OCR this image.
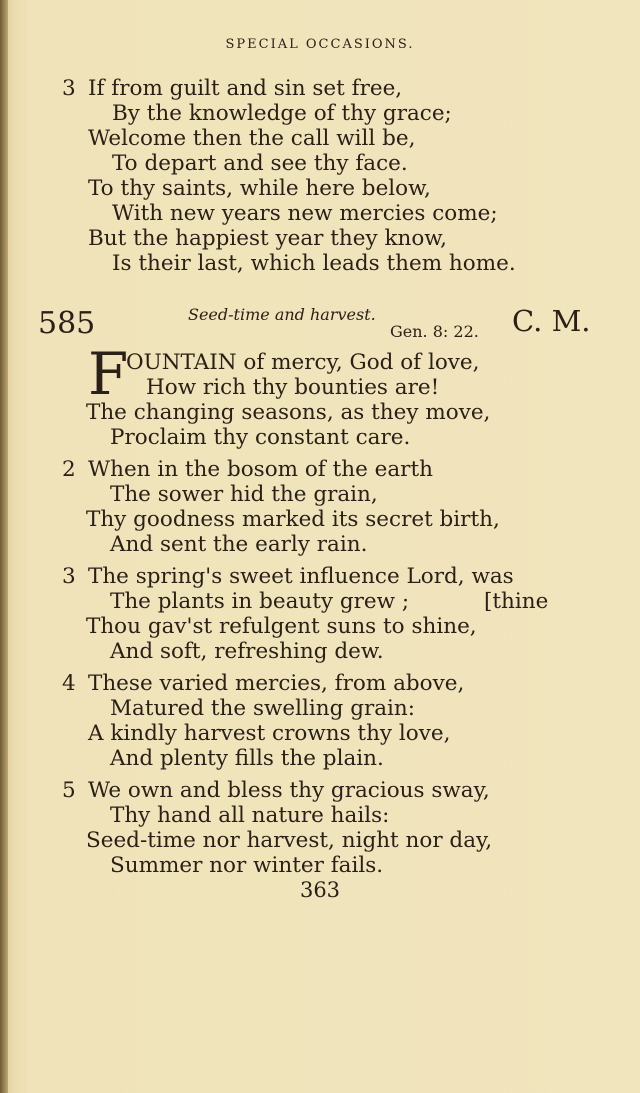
SPECIAL OCCASIONS.
3 If from guilt and sin set free,
By the knowledge of thy grace;
Welcome then the call will be,
To depart and see thy face.
To thy saints, while here below,
With new years new mercies come;
But the happiest year they know,
Is their last, which leads them home.
585	Seed-time and harvest.
Gen. 8: 22. C. M.
F
OUNTAIN of mercy, God of love,
How rich thy bounties are!
The changing seasons, as they move,
Proclaim thy constant care.
2 When in the bosom of the earth
The sower hid the grain,
Thy goodness marked its secret birth,
And sent the early rain.
3 The spring's sweet influence Lord, was
The plants in beauty grew ;	[thine
Thou gav'st refulgent suns to shine,
And soft, refreshing dew.
4 These varied mercies, from above,
Matured the swelling grain:
A kindly harvest crowns thy love,
And plenty fills the plain.
5 We own and bless thy gracious sway,
Thy hand all nature hails:
Seed-time nor harvest, night nor day,
Summer nor winter fails.
363
